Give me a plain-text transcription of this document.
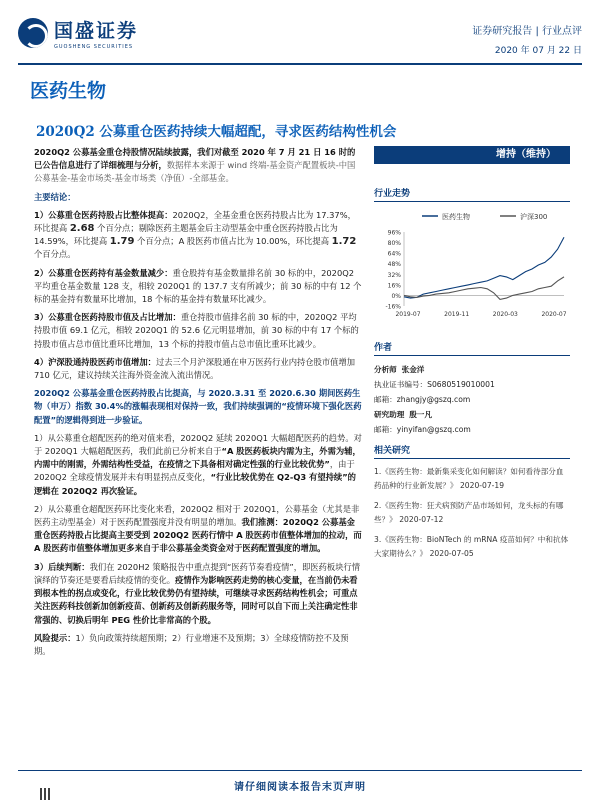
国盛证券
GUOSHENG SECURITIES
证券研究报告 | 行业点评
2020 年 07 月 22 日
医药生物
2020Q2 公募重仓医药持续大幅超配，寻求医药结构性机会

2020Q2 公募基金重仓持股情况陆续披露，我们对截至 2020 年 7 月 21 日 16 时的已公告信息进行了详细梳理与分析，数据样本来源于 wind 终端-基金资产配置板块-中国公募基金-基金市场类-基金市场类（净值）-全部基金。

主要结论：

1）公募重仓医药持股占比整体提高：2020Q2，全基金重仓医药持股占比为 17.37%，环比提高 2.68 个百分点；剔除医药主题基金后主动型基金中重仓医药持股占比为 14.59%，环比提高 1.79 个百分点；A 股医药市值占比为 10.00%，环比提高 1.72 个百分点。

2）公募重仓医药持有基金数量减少：重仓股持有基金数量排名前 30 标的中，2020Q2 平均重仓基金数量 128 支，相较 2020Q1 的 137.7 支有所减少；前 30 标的中有 12 个标的基金持有数量环比增加，18 个标的基金持有数量环比减少。

3）公募重仓医药持股市值及占比增加：重仓持股市值排名前 30 标的中，2020Q2 平均持股市值 69.1 亿元，相较 2020Q1 的 52.6 亿元明显增加，前 30 标的中有 17 个标的持股市值占总市值比重环比增加，13 个标的持股市值占总市值比重环比减少。

4）沪深股通持股医药市值增加：过去三个月沪深股通在申万医药行业内持仓股市值增加 710 亿元，建议持续关注海外资金流入流出情况。

2020Q2 公募基金重仓医药持股占比提高，与 2020.3.31 至 2020.6.30 期间医药生物（申万）指数 30.4%的涨幅表现相对保持一致，我们持续强调的“疫情环境下强化医药配置”的逻辑得到进一步验证。

1）从公募重仓超配医药的绝对值来看，2020Q2 延续 2020Q1 大幅超配医药的趋势。对于 2020Q1 大幅超配医药，我们此前已分析来自于“A 股医药板块内需为主，外需为辅，内需中的刚需，外需结构性受益，在疫情之下具备相对确定性强的行业比较优势”，由于 2020Q2 全球疫情发展并未有明显拐点反变化，“行业比较优势在 Q2-Q3 有望持续”的逻辑在 2020Q2 再次验证。

2）从公募重仓超配医药环比变化来看，2020Q2 相对于 2020Q1，公募基金（尤其是非医药主动型基金）对于医药配置强度并没有明显的增加。我们推测：2020Q2 公募基金重仓医药持股占比提高主要受到 2020Q2 医药行情中 A 股医药市值整体增加的拉动，而 A 股医药市值整体增加更多来自于非公募基金类资金对于医药配置强度的增加。

3）后续判断：我们在 2020H2 策略报告中重点提到“医药节奏看疫情”，即医药板块行情演绎的节奏还是要看后续疫情的变化。疫情作为影响医药走势的核心变量，在当前仍未看到根本性的拐点或变化，行业比较优势仍有望持续，可继续寻求医药结构性机会；可重点关注医药科技创新加创新疫苗、创新药及创新药服务等，同时可以自下而上关注确定性非常强的、切换后明年 PEG 性价比非常高的个股。

风险提示：1）负向政策持续超预期；2）行业增速不及预期；3）全球疫情防控不及预期。

增持（维持）
行业走势
医药生物	沪深300
96%
80%
64%
48%
32%
16%
0%
-16%
2019-07	2019-11	2020-03	2020-07
作者
分析师 张金洋
执业证书编号：S0680519010001
邮箱：zhangjy@gszq.com
研究助理 殷一凡
邮箱：yinyifan@gszq.com
相关研究
1.《医药生物：最新集采变化如何解读？如何看待部分血药品种的行业新发展？》 2020-07-19
2.《医药生物：狂犬病预防产品市场如何，龙头标的有哪些？》 2020-07-12
3.《医药生物：BioNTech 的 mRNA 疫苗如何？中和抗体大家期待么？》 2020-07-05
请仔细阅读本报告末页声明
